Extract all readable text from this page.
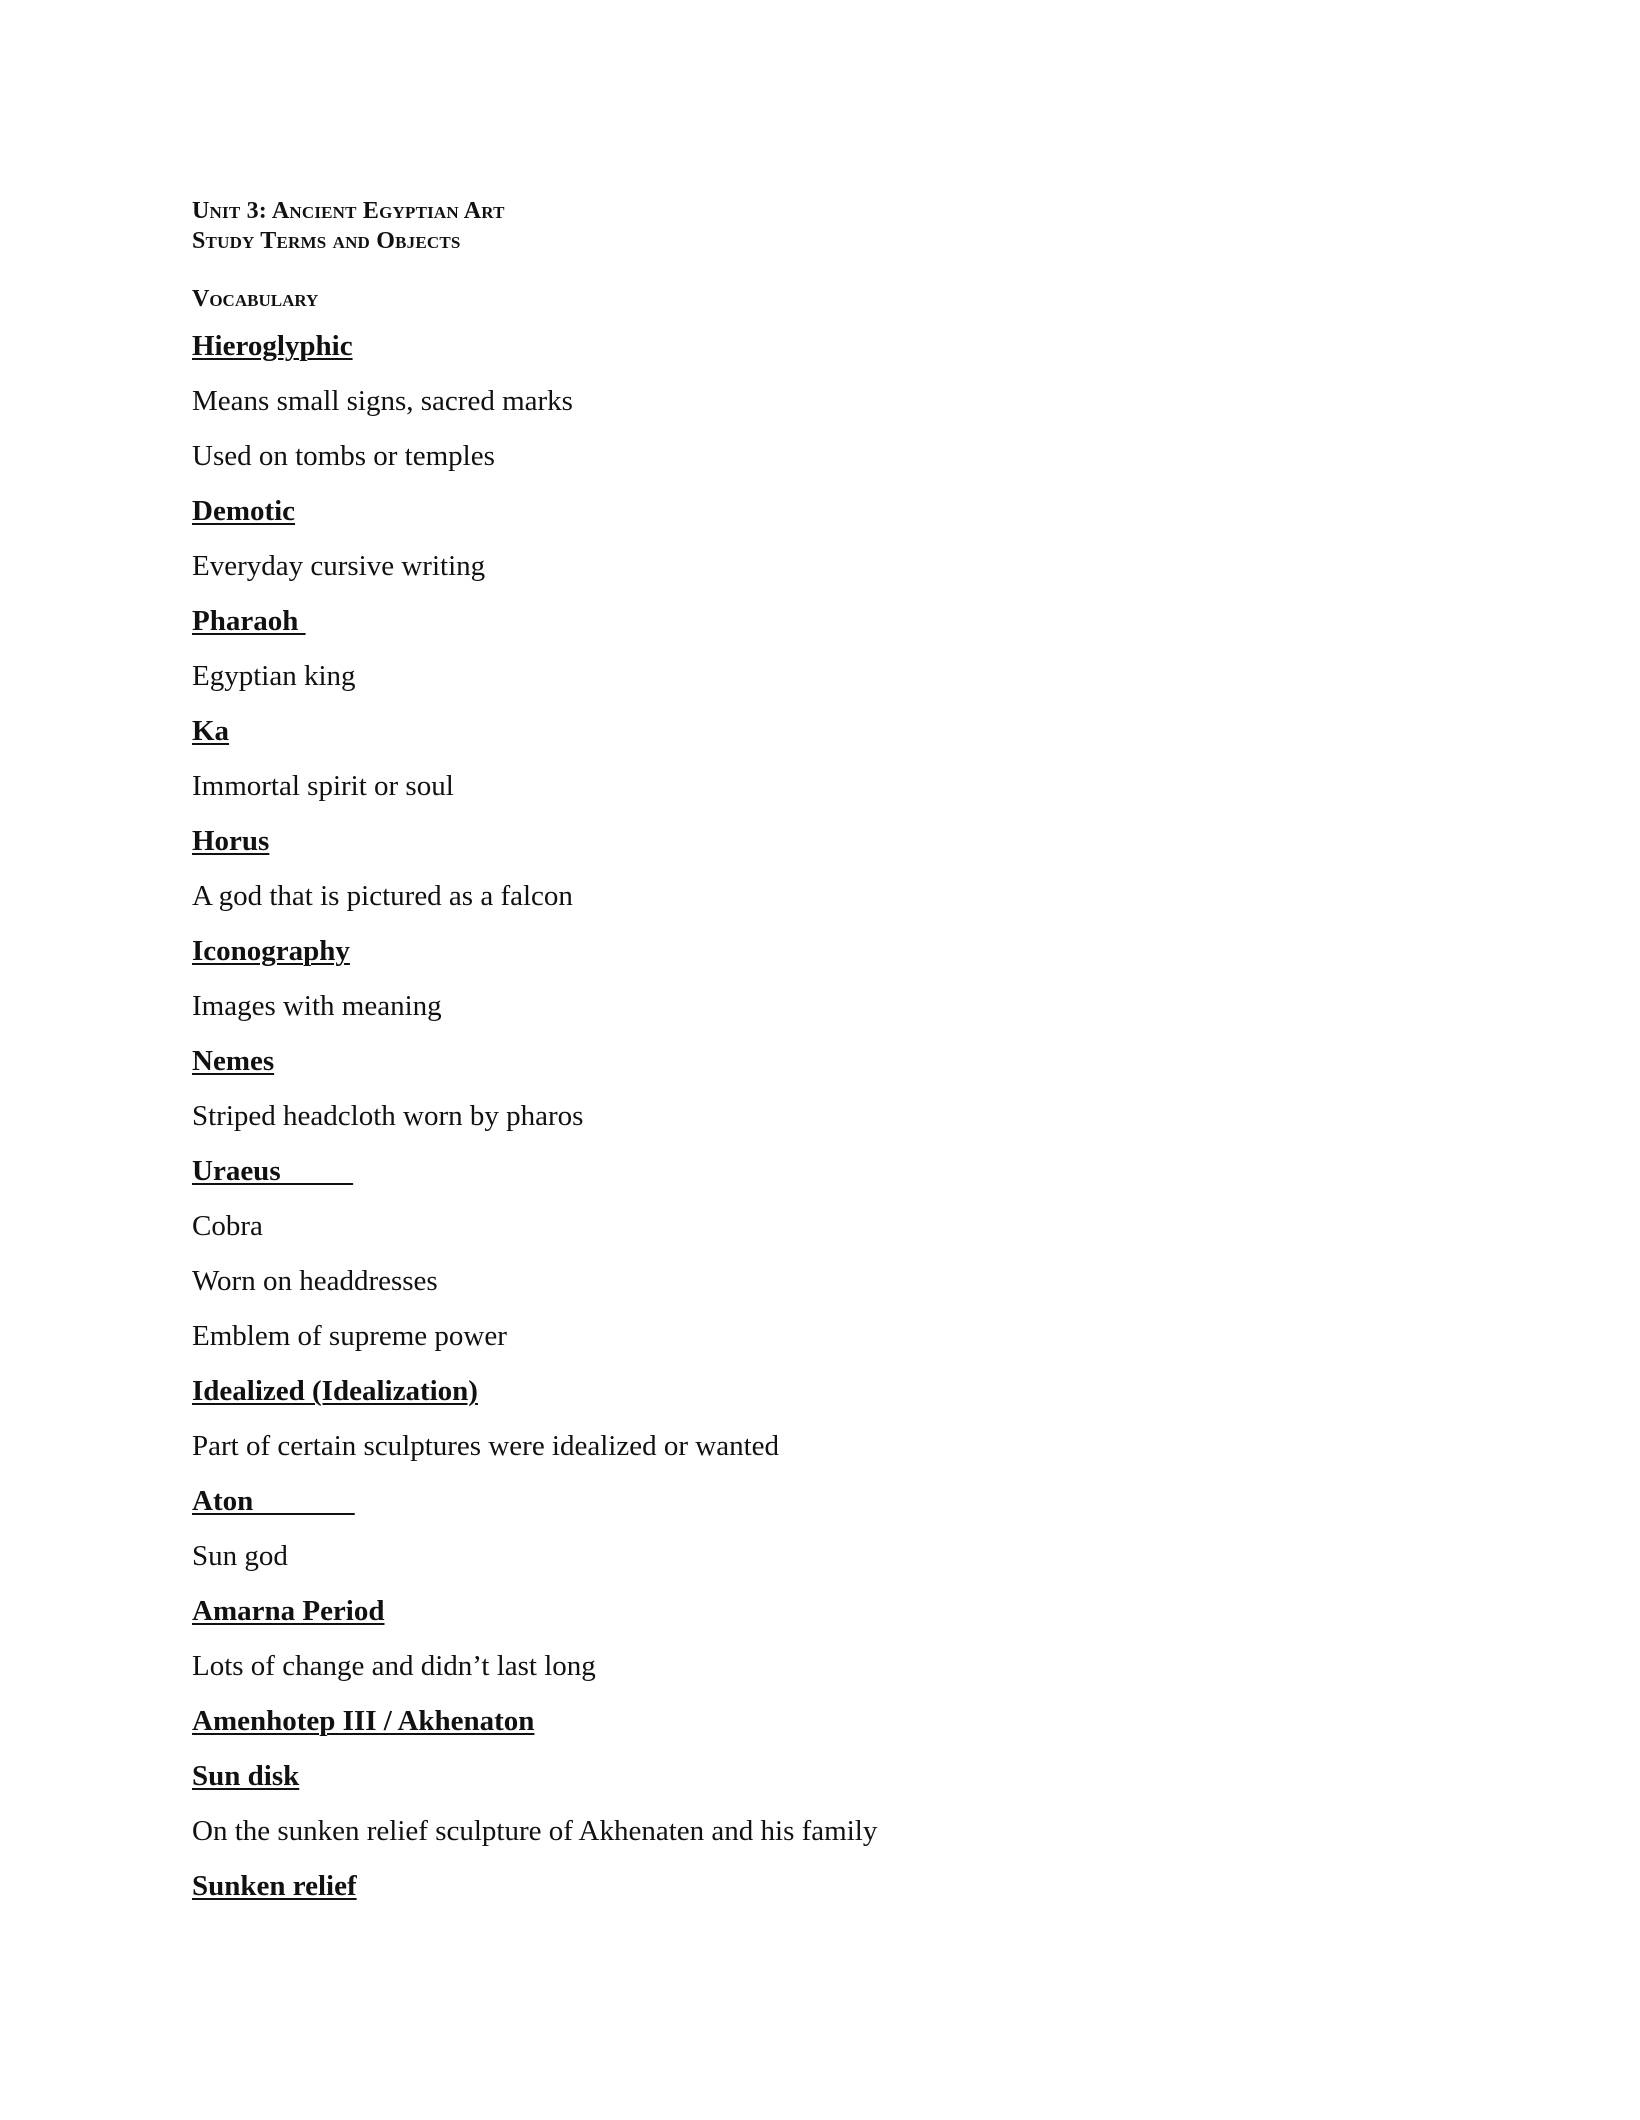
Unit 3: Ancient Egyptian Art
Study Terms and Objects
Vocabulary
Hieroglyphic
Means small signs, sacred marks
Used on tombs or temples
Demotic
Everyday cursive writing
Pharaoh
Egyptian king
Ka
Immortal spirit or soul
Horus
A god that is pictured as a falcon
Iconography
Images with meaning
Nemes
Striped headcloth worn by pharos
Uraeus
Cobra
Worn on headdresses
Emblem of supreme power
Idealized (Idealization)
Part of certain sculptures were idealized or wanted
Aton
Sun god
Amarna Period
Lots of change and didn’t last long
Amenhotep III / Akhenaton
Sun disk
On the sunken relief sculpture of Akhenaten and his family
Sunken relief
